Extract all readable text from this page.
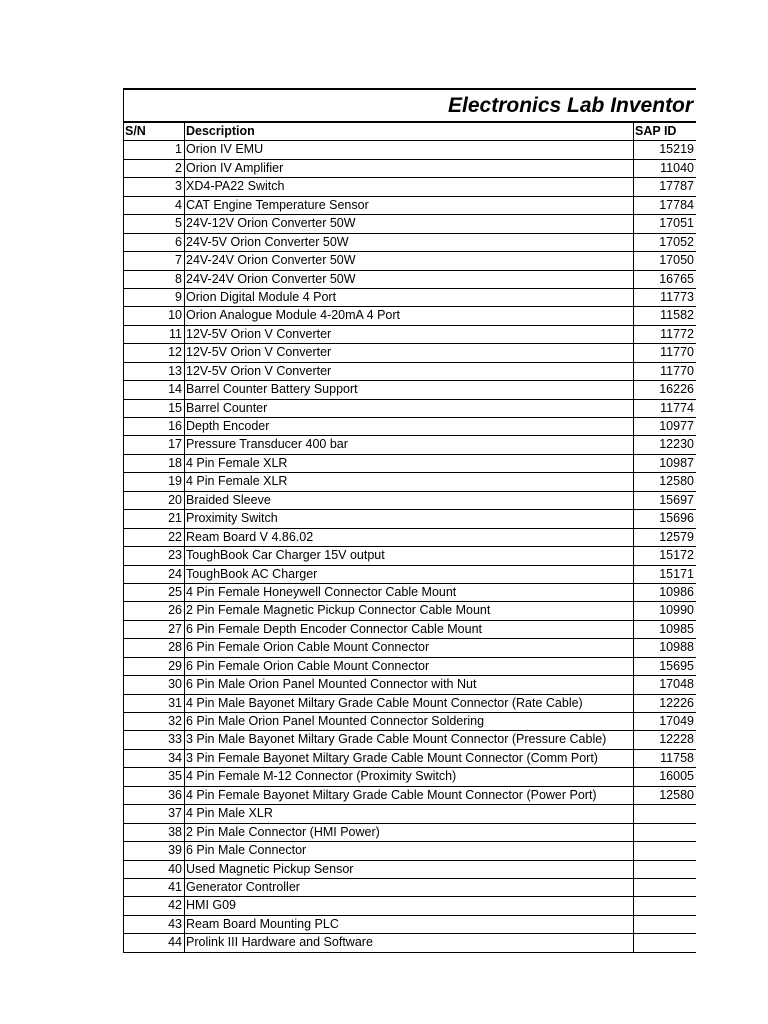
Electronics Lab Inventor
S/N	Description	SAP ID
1 Orion IV EMU	15219
2 Orion IV Amplifier	11040
3 XD4-PA22 Switch	17787
4 CAT Engine Temperature Sensor	17784
5 24V-12V Orion Converter 50W	17051
6 24V-5V Orion Converter 50W	17052
7 24V-24V Orion Converter 50W	17050
8 24V-24V Orion Converter 50W	16765
9 Orion Digital Module 4 Port	11773
10 Orion Analogue Module 4-20mA 4 Port	11582
11 12V-5V Orion V Converter	11772
12 12V-5V Orion V Converter	11770
13 12V-5V Orion V Converter	11770
14 Barrel Counter Battery Support	16226
15 Barrel Counter	11774
16 Depth Encoder	10977
17 Pressure Transducer 400 bar	12230
18 4 Pin Female XLR	10987
19 4 Pin Female XLR	12580
20 Braided Sleeve	15697
21 Proximity Switch	15696
22 Ream Board V 4.86.02	12579
23 ToughBook Car Charger 15V output	15172
24 ToughBook AC Charger	15171
25 4 Pin Female Honeywell Connector Cable Mount	10986
26 2 Pin Female Magnetic Pickup Connector Cable Mount	10990
27 6 Pin Female Depth Encoder Connector Cable Mount	10985
28 6 Pin Female Orion Cable Mount Connector	10988
29 6 Pin Female Orion Cable Mount Connector	15695
30 6 Pin Male Orion Panel Mounted Connector with Nut	17048
31 4 Pin Male Bayonet Miltary Grade Cable Mount Connector (Rate Cable)	12226
32 6 Pin Male Orion Panel Mounted Connector Soldering	17049
33 3 Pin Male Bayonet Miltary Grade Cable Mount Connector (Pressure Cable)	12228
34 3 Pin Female Bayonet Miltary Grade Cable Mount Connector (Comm Port)	11758
35 4 Pin Female M-12 Connector (Proximity Switch)	16005
36 4 Pin Female Bayonet Miltary Grade Cable Mount Connector (Power Port)	12580
37 4 Pin Male XLR
38 2 Pin Male Connector (HMI Power)
39 6 Pin Male Connector
40 Used Magnetic Pickup Sensor
41 Generator Controller
42 HMI G09
43 Ream Board Mounting PLC
44 Prolink III Hardware and Software
